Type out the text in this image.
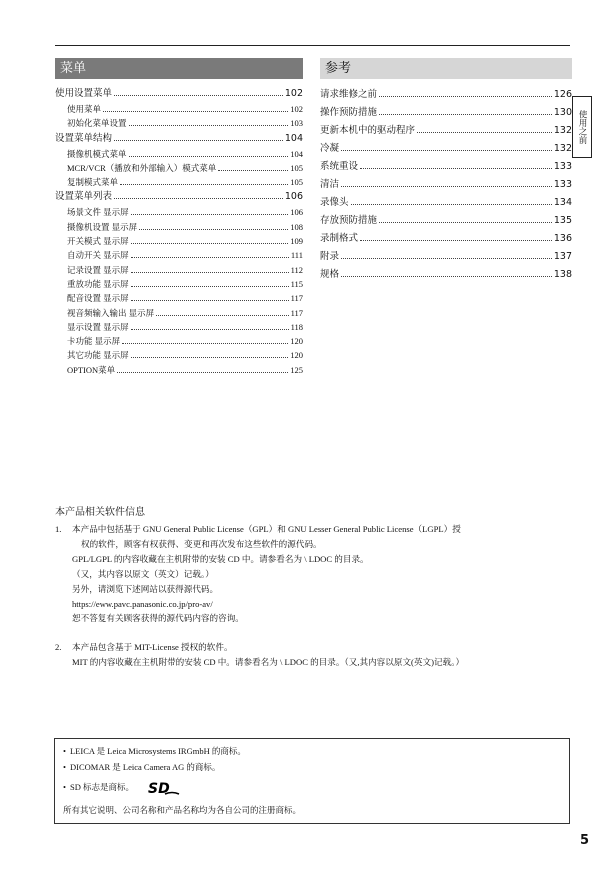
菜单
使用设置菜单	102
使用菜单	102
初始化菜单设置	103
设置菜单结构	104
摄像机模式菜单	104
MCR/VCR（播放和外部输入）模式菜单	105
复制模式菜单	105
设置菜单列表	106
场景文件 显示屏	106
摄像机设置 显示屏	108
开关模式 显示屏	109
自动开关 显示屏	111
记录设置 显示屏	112
重放功能 显示屏	115
配音设置 显示屏	117
视音频输入输出 显示屏	117
显示设置 显示屏	118
卡功能 显示屏	120
其它功能 显示屏	120
OPTION菜单	125
参考
请求维修之前	126
操作预防措施	130
更新本机中的驱动程序	132
冷凝	132
系统重设	133
清洁	133
录像头	134
存放预防措施	135
录制格式	136
附录	137
规格	138
使用之前
本产品相关软件信息
1. 本产品中包括基于 GNU General Public License（GPL）和 GNU Lesser General Public License（LGPL）授

权的软件，顾客有权获得、变更和再次发布这些软件的源代码。

GPL/LGPL 的内容收藏在主机附带的安装 CD 中。请参看名为 \ LDOC 的目录。

（又，其内容以原文（英文）记载。）

另外，请浏览下述网站以获得源代码。

https://eww.pavc.panasonic.co.jp/pro-av/

恕不答复有关顾客获得的源代码内容的咨询。

2. 本产品包含基于 MIT-License 授权的软件。

MIT 的内容收藏在主机附带的安装 CD 中。请参看名为 \ LDOC 的目录。（又,其内容以原文(英文)记载。）

• LEICA 是 Leica Microsystems IRGmbH 的商标。
• DICOMAR 是 Leica Camera AG 的商标。
• SD 标志是商标。 SD
所有其它说明、公司名称和产品名称均为各自公司的注册商标。
5
